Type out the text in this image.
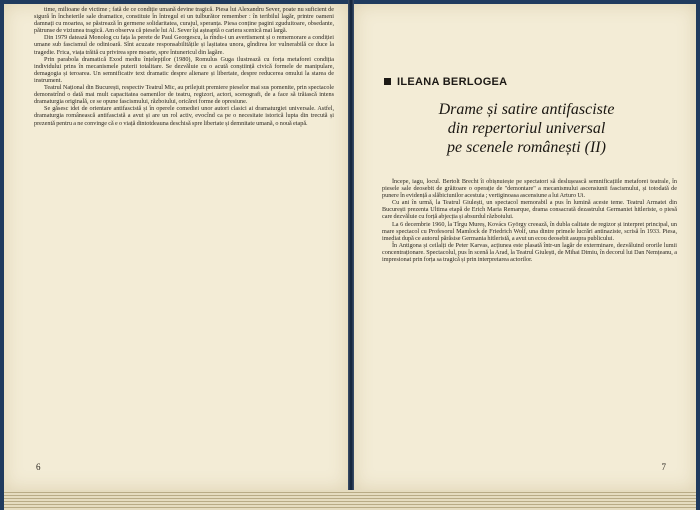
time, milioane de victime ; fată de ce condiție umană devine tragică. Piesa lui Alexandru Sever, poate nu suficient de sigură în încheierile sale dramatice, constituie în întregul ei un tulburător remember : în teribilul lagăr, printre oameni damnați cu moartea, se păstrează în germene solidaritatea, curajul, speranța. Piesa conține pagini zguduitoare, obsedante, pătrunse de viziunea tragică. Am observa că piesele lui Al. Sever își așteaptă o cariera scenică mai largă.

Din 1979 datează Monolog cu fața la perete de Paul Georgescu, la rîndu-i un avertisment și o rememorare a condiției umane sub fascismul de odinioară. Sînt acuzate responsabilitățile și lașitatea unora, gîndirea lor vulnerabilă ce duce la tragedie. Frica, viața trăită cu privirea spre moarte, spre întunericul din lagăre.

Prin parabola dramatică Exod mediu înțelepților (1980), Romulus Guga ilustrează cu forța metaforei condiția individului prins în mecanismele puterii totalitare. Se dezvăluie cu o acută conștiință civică formele de manipulare, demagogia și teroarea. Un semnificativ text dramatic despre alienare și libertate, despre reducerea omului la starea de instrument.

Teatrul Național din București, respectiv Teatrul Mic, au prilejuit premiere pieselor mai sus pomenite, prin spectacole demonstrînd o dată mai mult capacitatea oamenilor de teatru, regizori, actori, scenografi, de a face să trăiască intens dramaturgia originală, ce se opune fascismului, războiului, oricărei forme de opresiune.

Se găsesc idei de orientare antifascistă și în operele comediei unor autori clasici ai dramaturgiei universale. Astfel, dramaturgia românească antifascistă a avut și are un rol activ, evocînd ca pe o necesitate istorică lupta din trecută și prezentă pentru a ne convinge că e o viață dintotdeauna deschisă spre libertate și demnitate umană, o nouă etapă.

6
ILEANA BERLOGEA
Drame și satire antifasciste
din repertoriul universal
pe scenele românești (II)

Începe, iagu, locul. Bertolt Brecht îi obișnuiește pe spectatori să deslușească semnificațiile metaforei teatrale, în piesele sale deosebit de grăitoare o operație de "demontare" a mecanismului ascensiunii fascismului, și totodată de punere în evidență a slăbiciunilor acestuia ; vertiginoasa ascensiune a lui Arturo Ui.

Cu ani în urmă, la Teatrul Giulești, un spectacol memorabil a pus în lumină aceste teme. Teatrul Armatei din București prezenta Ultima etapă de Erich Maria Remarque, drama consacrată dezastrului Germaniei hitleriste, o piesă care dezvăluie cu forță abjecția și absurdul războiului.

La 6 decembrie 1960, la Tîrgu Mureș, Kovács György creează, în dubla calitate de regizor și interpret principal, un mare spectacol cu Profesorul Mamlock de Friedrich Wolf, una dintre primele lucrări antinaziste, scrisă în 1933. Piesa, imediat după ce autorul părăsise Germania hitleristă, a avut un ecou deosebit asupra publicului.

În Antigona și ceilalți de Peter Karvas, acțiunea este plasată într-un lagăr de exterminare, dezvăluind ororile lumii concentraționare. Spectacolul, pus în scenă la Arad, la Teatrul Giulești, de Mihai Dimiu, în decorul lui Dan Nemțeanu, a impresionat prin forța sa tragică și prin interpretarea actorilor.

7
